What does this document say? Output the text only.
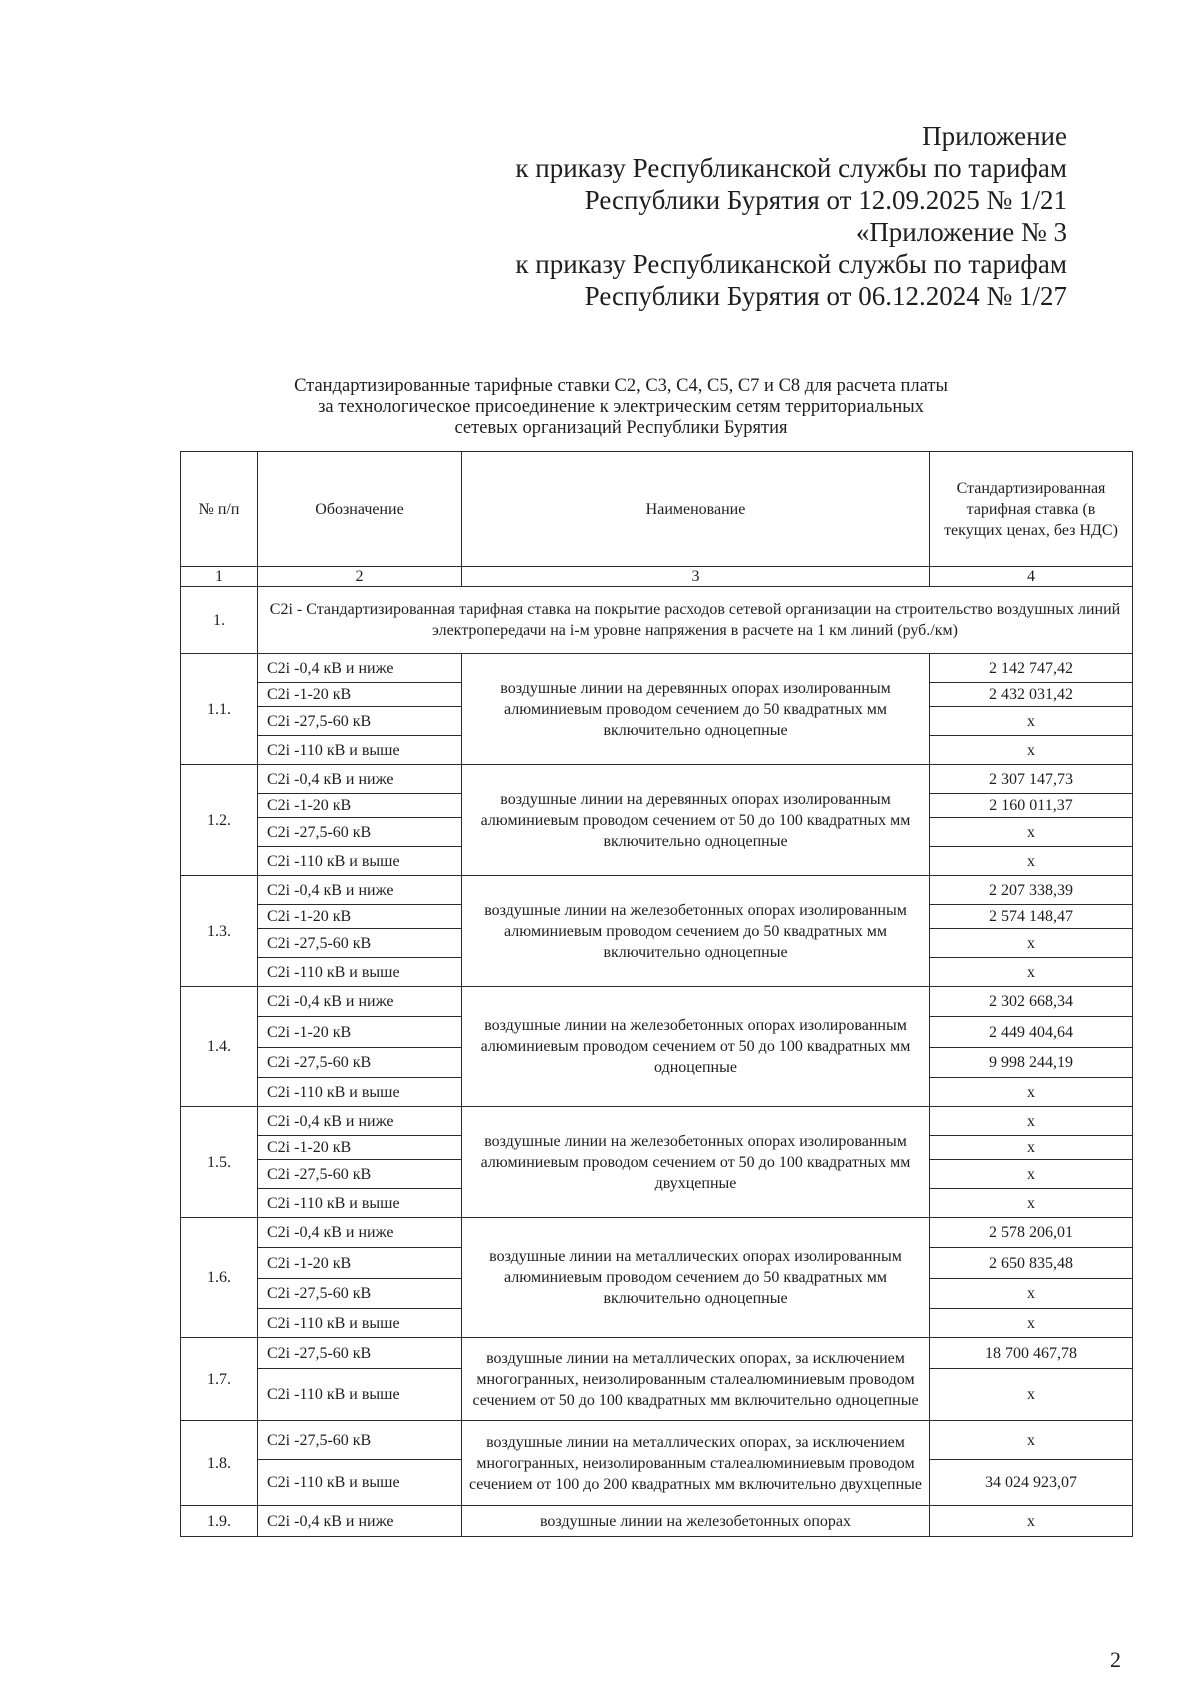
Приложение
к приказу Республиканской службы по тарифам
Республики Бурятия от 12.09.2025 № 1/21
«Приложение № 3
к приказу Республиканской службы по тарифам
Республики Бурятия от 06.12.2024 № 1/27
Стандартизированные тарифные ставки С2, С3, С4, С5, С7 и С8 для расчета платы
за технологическое присоединение к электрическим сетям территориальных
сетевых организаций Республики Бурятия
№ п/п	Обозначение	Наименование	Стандартизированная тарифная ставка (в текущих ценах, без НДС)
1	2	3	4
1.	С2i - Стандартизированная тарифная ставка на покрытие расходов сетевой организации на строительство воздушных линий электропередачи на i-м уровне напряжения в расчете на 1 км линий (руб./км)		
1.1.	С2i -0,4 кВ и ниже	воздушные линии на деревянных опорах изолированным алюминиевым проводом сечением до 50 квадратных мм включительно одноцепные	2 142 747,42
	С2i -1-20 кВ		2 432 031,42
	С2i -27,5-60 кВ		х
	С2i -110 кВ и выше		х
1.2.	С2i -0,4 кВ и ниже	воздушные линии на деревянных опорах изолированным алюминиевым проводом сечением от 50 до 100 квадратных мм включительно одноцепные	2 307 147,73
	С2i -1-20 кВ		2 160 011,37
	С2i -27,5-60 кВ		х
	С2i -110 кВ и выше		х
1.3.	С2i -0,4 кВ и ниже	воздушные линии на железобетонных опорах изолированным алюминиевым проводом сечением до 50 квадратных мм включительно одноцепные	2 207 338,39
	С2i -1-20 кВ		2 574 148,47
	С2i -27,5-60 кВ		х
	С2i -110 кВ и выше		х
1.4.	С2i -0,4 кВ и ниже	воздушные линии на железобетонных опорах изолированным алюминиевым проводом сечением от 50 до 100 квадратных мм одноцепные	2 302 668,34
	С2i -1-20 кВ		2 449 404,64
	С2i -27,5-60 кВ		9 998 244,19
	С2i -110 кВ и выше		х
1.5.	С2i -0,4 кВ и ниже	воздушные линии на железобетонных опорах изолированным алюминиевым проводом сечением от 50 до 100 квадратных мм двухцепные	х
	С2i -1-20 кВ		х
	С2i -27,5-60 кВ		х
	С2i -110 кВ и выше		х
1.6.	С2i -0,4 кВ и ниже	воздушные линии на металлических опорах изолированным алюминиевым проводом сечением до 50 квадратных мм включительно одноцепные	2 578 206,01
	С2i -1-20 кВ		2 650 835,48
	С2i -27,5-60 кВ		х
	С2i -110 кВ и выше		х
1.7.	С2i -27,5-60 кВ	воздушные линии на металлических опорах, за исключением многогранных, неизолированным сталеалюминиевым проводом сечением от 50 до 100 квадратных мм включительно одноцепные	18 700 467,78
	С2i -110 кВ и выше		х
1.8.	С2i -27,5-60 кВ	воздушные линии на металлических опорах, за исключением многогранных, неизолированным сталеалюминиевым проводом сечением от 100 до 200 квадратных мм включительно двухцепные	х
	С2i -110 кВ и выше		34 024 923,07
1.9.	С2i -0,4 кВ и ниже	воздушные линии на железобетонных опорах	х
2
